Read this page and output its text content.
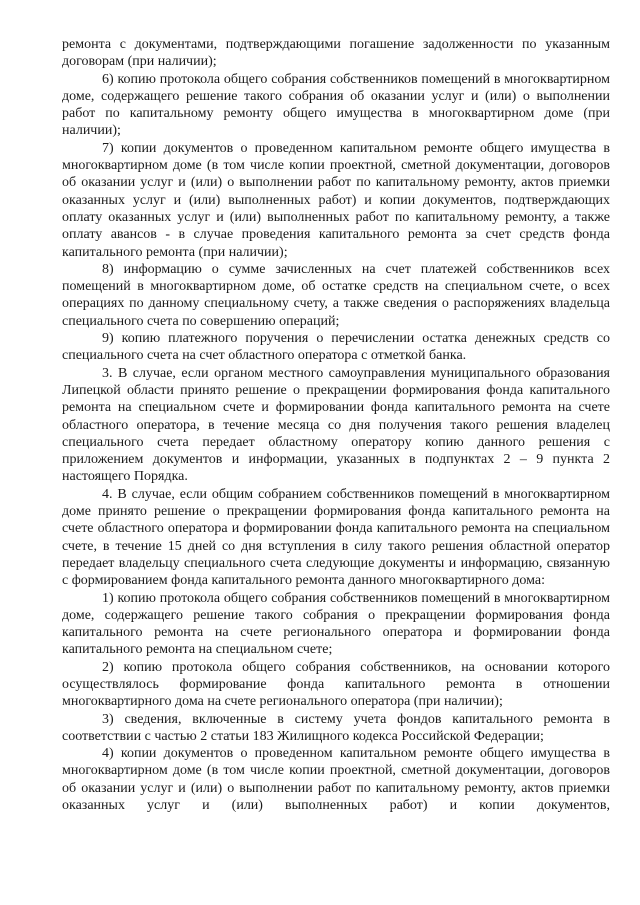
ремонта с документами, подтверждающими погашение задолженности по указанным договорам (при наличии);

6) копию протокола общего собрания собственников помещений в многоквартирном доме, содержащего решение такого собрания об оказании услуг и (или) о выполнении работ по капитальному ремонту общего имущества в многоквартирном доме (при наличии);

7) копии документов о проведенном капитальном ремонте общего имущества в многоквартирном доме (в том числе копии проектной, сметной документации, договоров об оказании услуг и (или) о выполнении работ по капитальному ремонту, актов приемки оказанных услуг и (или) выполненных работ) и копии документов, подтверждающих оплату оказанных услуг и (или) выполненных работ по капитальному ремонту, а также оплату авансов - в случае проведения капитального ремонта за счет средств фонда капитального ремонта (при наличии);

8) информацию о сумме зачисленных на счет платежей собственников всех помещений в многоквартирном доме, об остатке средств на специальном счете, о всех операциях по данному специальному счету, а также сведения о распоряжениях владельца специального счета по совершению операций;

9) копию платежного поручения о перечислении остатка денежных средств со специального счета на счет областного оператора с отметкой банка.

3. В случае, если органом местного самоуправления муниципального образования Липецкой области принято решение о прекращении формирования фонда капитального ремонта на специальном счете и формировании фонда капитального ремонта на счете областного оператора, в течение месяца со дня получения такого решения владелец специального счета передает областному оператору копию данного решения с приложением документов и информации, указанных в подпунктах 2 – 9 пункта 2 настоящего Порядка.

4. В случае, если общим собранием собственников помещений в многоквартирном доме принято решение о прекращении формирования фонда капитального ремонта на счете областного оператора и формировании фонда капитального ремонта на специальном счете, в течение 15 дней со дня вступления в силу такого решения областной оператор передает владельцу специального счета следующие документы и информацию, связанную с формированием фонда капитального ремонта данного многоквартирного дома:

1) копию протокола общего собрания собственников помещений в многоквартирном доме, содержащего решение такого собрания о прекращении формирования фонда капитального ремонта на счете регионального оператора и формировании фонда капитального ремонта на специальном счете;

2) копию протокола общего собрания собственников, на основании которого осуществлялось формирование фонда капитального ремонта в отношении многоквартирного дома на счете регионального оператора (при наличии);

3) сведения, включенные в систему учета фондов капитального ремонта в соответствии с частью 2 статьи 183 Жилищного кодекса Российской Федерации;

4) копии документов о проведенном капитальном ремонте общего имущества в многоквартирном доме (в том числе копии проектной, сметной документации, договоров об оказании услуг и (или) о выполнении работ по капитальному ремонту, актов приемки оказанных услуг и (или) выполненных работ) и копии документов,
